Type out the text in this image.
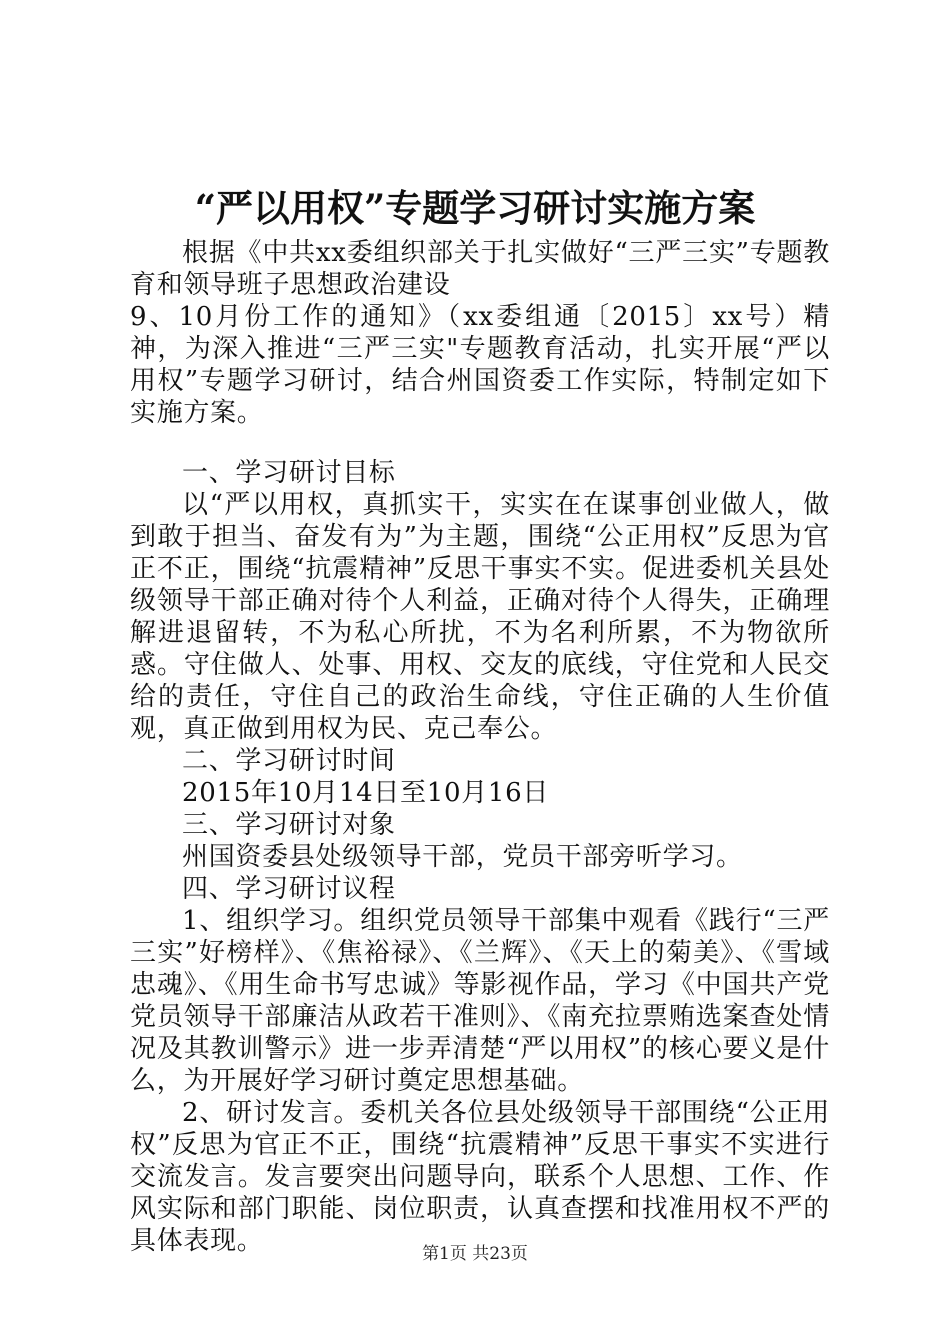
“严以用权”专题学习研讨实施方案

根据《中共xx委组织部关于扎实做好“三严三实”专题教育和领导班子思想政治建设

9、10月份工作的通知》（xx委组通〔2015〕xx号）精神，为深入推进“三严三实"专题教育活动，扎实开展“严以用权”专题学习研讨，结合州国资委工作实际，特制定如下实施方案。

一、学习研讨目标

以“严以用权，真抓实干，实实在在谋事创业做人，做到敢于担当、奋发有为”为主题，围绕“公正用权”反思为官正不正，围绕“抗震精神”反思干事实不实。促进委机关县处级领导干部正确对待个人利益，正确对待个人得失，正确理解进退留转，不为私心所扰，不为名利所累，不为物欲所惑。守住做人、处事、用权、交友的底线，守住党和人民交给的责任，守住自己的政治生命线，守住正确的人生价值观，真正做到用权为民、克己奉公。

二、学习研讨时间

2015年10月14日至10月16日

三、学习研讨对象

州国资委县处级领导干部，党员干部旁听学习。

四、学习研讨议程

1、组织学习。组织党员领导干部集中观看《践行“三严三实”好榜样》、《焦裕禄》、《兰辉》、《天上的菊美》、《雪域忠魂》、《用生命书写忠诚》等影视作品，学习《中国共产党党员领导干部廉洁从政若干准则》、《南充拉票贿选案查处情况及其教训警示》进一步弄清楚“严以用权”的核心要义是什么，为开展好学习研讨奠定思想基础。

2、研讨发言。委机关各位县处级领导干部围绕“公正用权”反思为官正不正，围绕“抗震精神”反思干事实不实进行交流发言。发言要突出问题导向，联系个人思想、工作、作风实际和部门职能、岗位职责，认真查摆和找准用权不严的具体表现。	第1页 共23页
